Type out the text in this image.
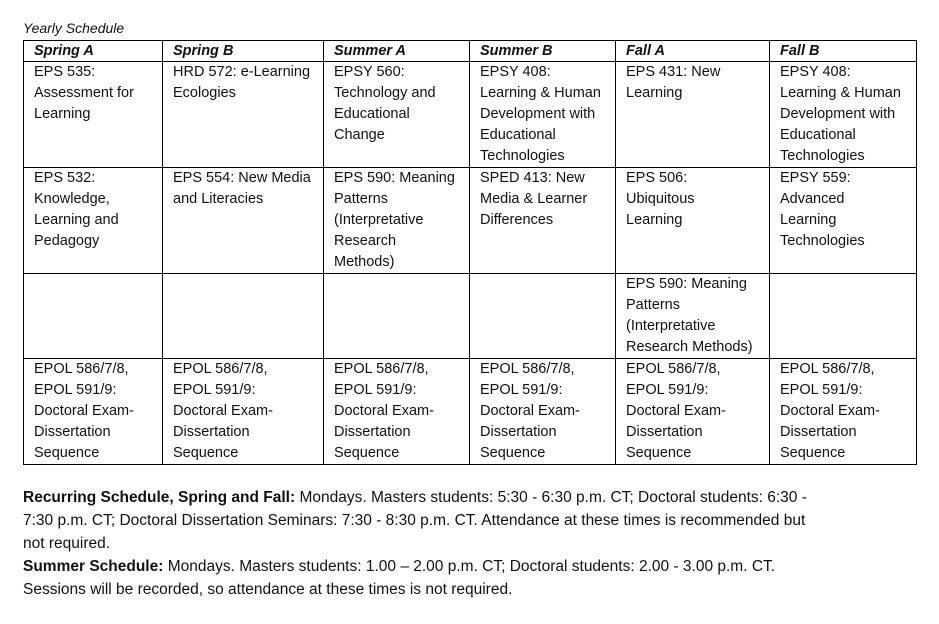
Yearly Schedule

Spring A	Spring B	Summer A	Summer B	Fall A	Fall B
EPS 535:
Assessment for
Learning	HRD 572: e-Learning
Ecologies	EPSY 560:
Technology and
Educational
Change	EPSY 408:
Learning & Human
Development with
Educational
Technologies	EPS 431: New
Learning	EPSY 408:
Learning & Human
Development with
Educational
Technologies
EPS 532:
Knowledge,
Learning and
Pedagogy	EPS 554: New Media
and Literacies	EPS 590: Meaning
Patterns
(Interpretative
Research
Methods)	SPED 413: New
Media & Learner
Differences	EPS 506:
Ubiquitous
Learning	EPSY 559:
Advanced
Learning
Technologies
				EPS 590: Meaning
Patterns
(Interpretative
Research Methods)	
EPOL 586/7/8,
EPOL 591/9:
Doctoral Exam-
Dissertation
Sequence	EPOL 586/7/8,
EPOL 591/9:
Doctoral Exam-
Dissertation
Sequence	EPOL 586/7/8,
EPOL 591/9:
Doctoral Exam-
Dissertation
Sequence	EPOL 586/7/8,
EPOL 591/9:
Doctoral Exam-
Dissertation
Sequence	EPOL 586/7/8,
EPOL 591/9:
Doctoral Exam-
Dissertation
Sequence	EPOL 586/7/8,
EPOL 591/9:
Doctoral Exam-
Dissertation
Sequence

Recurring Schedule, Spring and Fall: Mondays. Masters students: 5:30 - 6:30 p.m. CT; Doctoral students: 6:30 - 7:30 p.m. CT; Doctoral Dissertation Seminars: 7:30 - 8:30 p.m. CT. Attendance at these times is recommended but not required.

Summer Schedule: Mondays. Masters students: 1.00 – 2.00 p.m. CT; Doctoral students: 2.00 - 3.00 p.m. CT. Sessions will be recorded, so attendance at these times is not required.
